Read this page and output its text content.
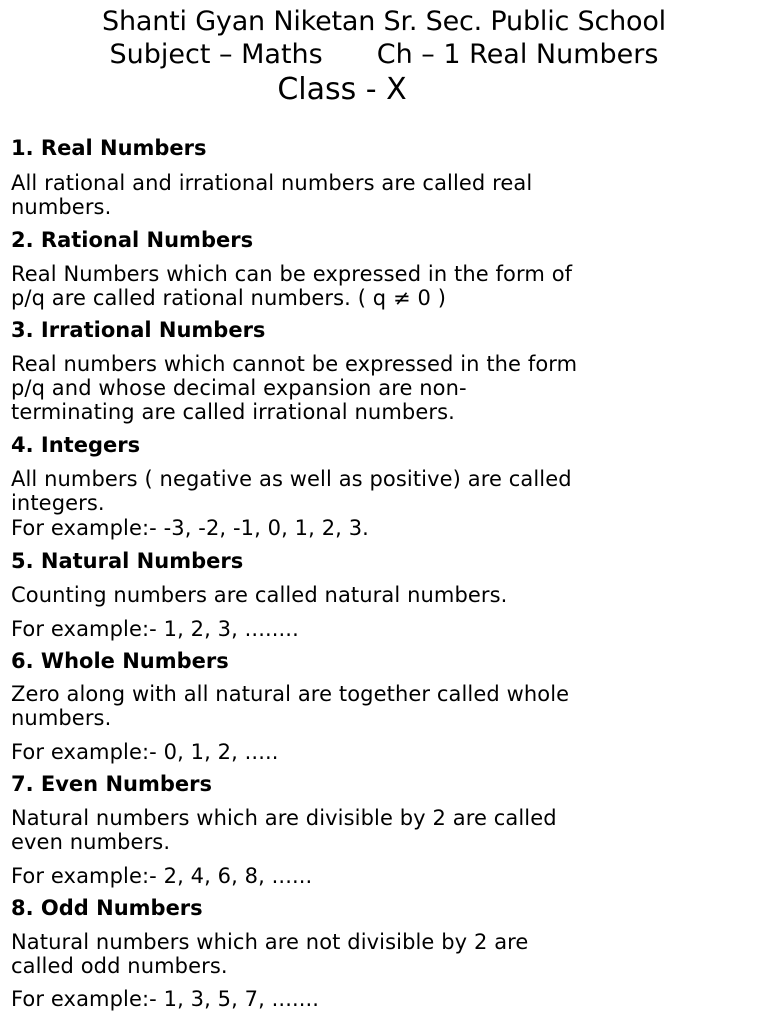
Shanti Gyan Niketan Sr. Sec. Public School
Subject – Maths Ch – 1 Real Numbers
Class - X
1. Real Numbers
All rational and irrational numbers are called real
numbers.
2. Rational Numbers
Real Numbers which can be expressed in the form of
p/q are called rational numbers. ( q ≠ 0 )
3. Irrational Numbers
Real numbers which cannot be expressed in the form
p/q and whose decimal expansion are non-
terminating are called irrational numbers.
4. Integers
All numbers ( negative as well as positive) are called
integers.
For example:- -3, -2, -1, 0, 1, 2, 3.
5. Natural Numbers
Counting numbers are called natural numbers.
For example:- 1, 2, 3, ........
6. Whole Numbers
Zero along with all natural are together called whole
numbers.
For example:- 0, 1, 2, .....
7. Even Numbers
Natural numbers which are divisible by 2 are called
even numbers.
For example:- 2, 4, 6, 8, ......
8. Odd Numbers
Natural numbers which are not divisible by 2 are
called odd numbers.
For example:- 1, 3, 5, 7, .......
